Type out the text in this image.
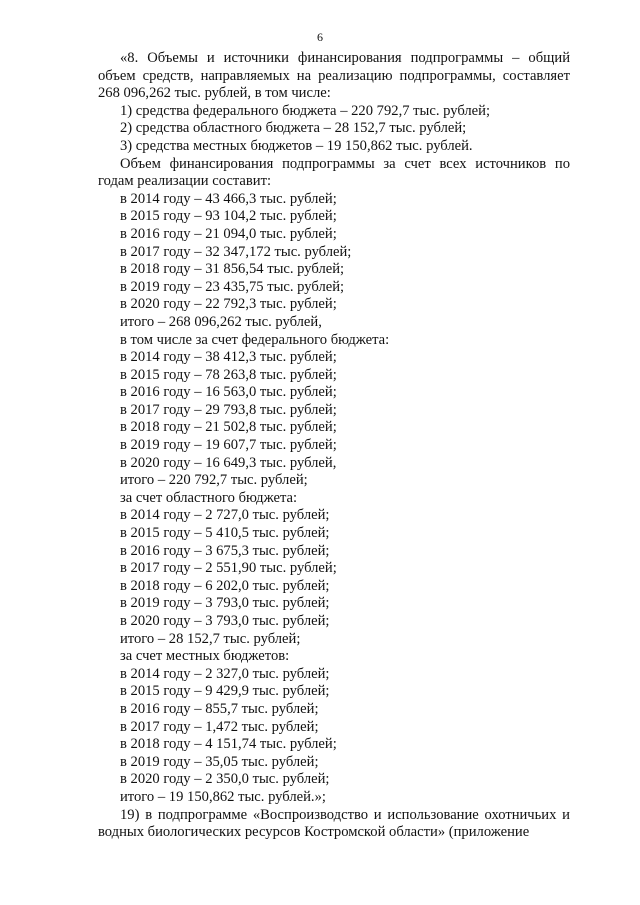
6

«8. Объемы и источники финансирования подпрограммы – общий объем средств, направляемых на реализацию подпрограммы, составляет 268 096,262 тыс. рублей, в том числе:

1) средства федерального бюджета – 220 792,7 тыс. рублей;

2) средства областного бюджета – 28 152,7 тыс. рублей;

3) средства местных бюджетов – 19 150,862 тыс. рублей.

Объем финансирования подпрограммы за счет всех источников по годам реализации составит:

в 2014 году – 43 466,3 тыс. рублей;

в 2015 году – 93 104,2 тыс. рублей;

в 2016 году – 21 094,0 тыс. рублей;

в 2017 году – 32 347,172 тыс. рублей;

в 2018 году – 31 856,54 тыс. рублей;

в 2019 году – 23 435,75 тыс. рублей;

в 2020 году – 22 792,3 тыс. рублей;

итого – 268 096,262 тыс. рублей,

в том числе за счет федерального бюджета:

в 2014 году – 38 412,3 тыс. рублей;

в 2015 году – 78 263,8 тыс. рублей;

в 2016 году – 16 563,0 тыс. рублей;

в 2017 году – 29 793,8 тыс. рублей;

в 2018 году – 21 502,8 тыс. рублей;

в 2019 году – 19 607,7 тыс. рублей;

в 2020 году – 16 649,3 тыс. рублей,

итого – 220 792,7 тыс. рублей;

за счет областного бюджета:

в 2014 году – 2 727,0 тыс. рублей;

в 2015 году – 5 410,5 тыс. рублей;

в 2016 году – 3 675,3 тыс. рублей;

в 2017 году – 2 551,90 тыс. рублей;

в 2018 году – 6 202,0 тыс. рублей;

в 2019 году – 3 793,0 тыс. рублей;

в 2020 году – 3 793,0 тыс. рублей;

итого – 28 152,7 тыс. рублей;

за счет местных бюджетов:

в 2014 году – 2 327,0 тыс. рублей;

в 2015 году – 9 429,9 тыс. рублей;

в 2016 году – 855,7 тыс. рублей;

в 2017 году – 1,472 тыс. рублей;

в 2018 году – 4 151,74 тыс. рублей;

в 2019 году – 35,05 тыс. рублей;

в 2020 году – 2 350,0 тыс. рублей;

итого – 19 150,862 тыс. рублей.»;

19) в подпрограмме «Воспроизводство и использование охотничьих и водных биологических ресурсов Костромской области» (приложение
